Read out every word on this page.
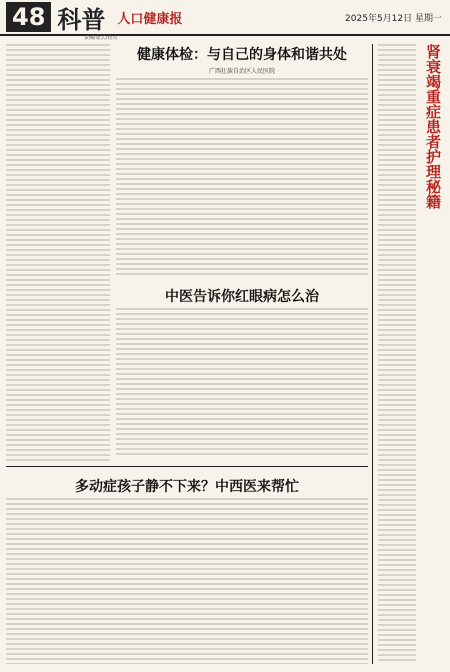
48 科普 人口健康报	2025年5月12日 星期一
责编/版式/校对
健康体检：与自己的身体和谐共处
广西壮族自治区人民医院
中医告诉你红眼病怎么治
多动症孩子静不下来？中西医来帮忙
肾衰竭重症患者护理秘籍
